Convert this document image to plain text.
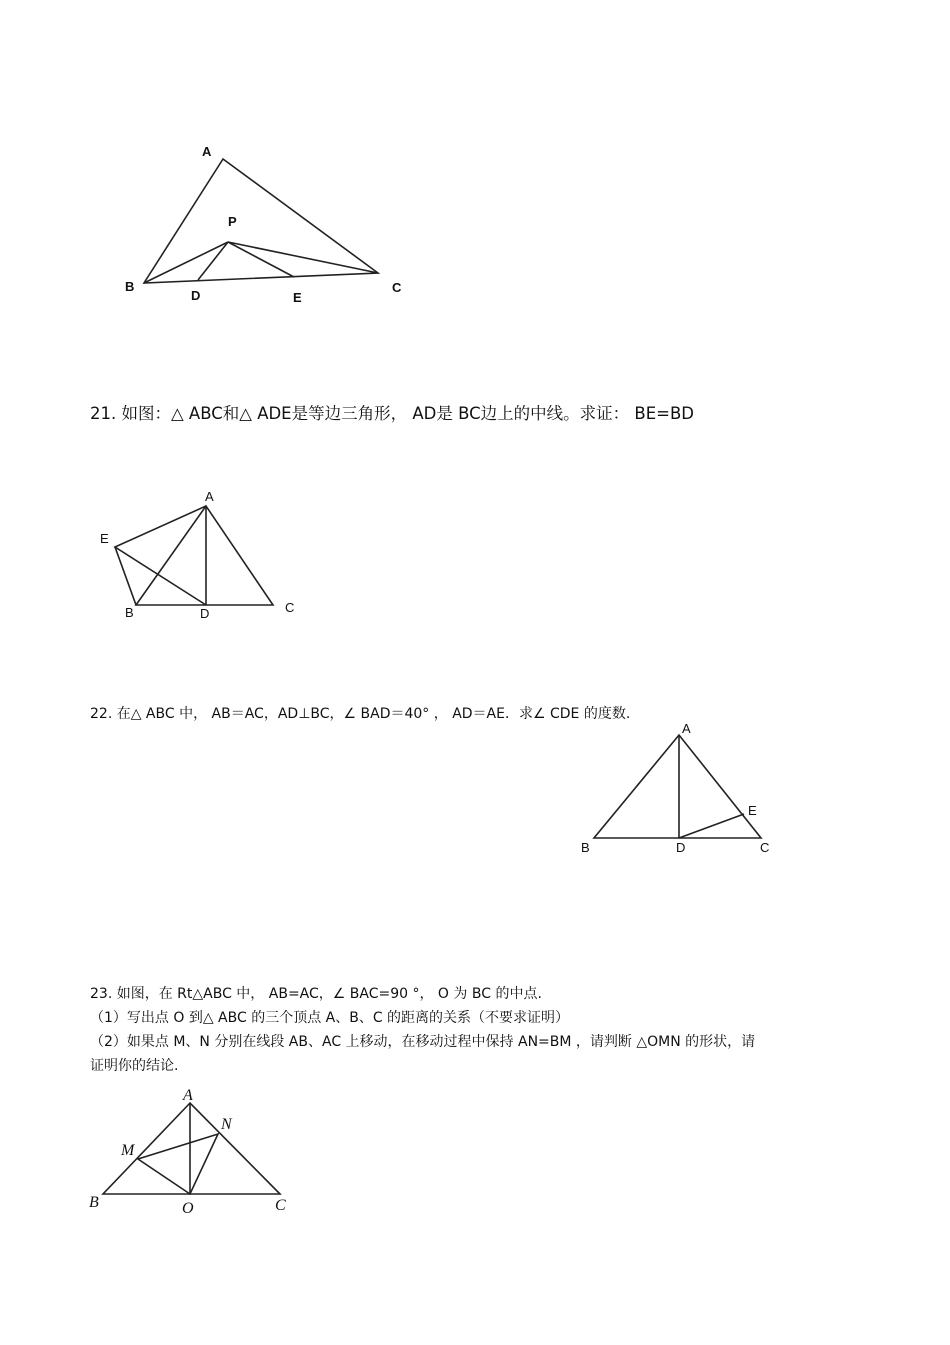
A
P
B
D	E
C
21. 如图：△ ABC和△ ADE是等边三角形， AD是 BC边上的中线。求证： BE=BD
A
E
B	D	C
22. 在△ ABC 中， AB＝AC，AD⊥BC，∠ BAD＝40° ， AD＝AE．求∠ CDE 的度数.
A
E
B	D	C
23. 如图，在 Rt△ABC 中， AB=AC，∠ BAC=90 °， O 为 BC 的中点.
（1）写出点 O 到△ ABC 的三个顶点 A、B、C 的距离的关系（不要求证明）
（2）如果点 M、N 分别在线段 AB、AC 上移动，在移动过程中保持 AN=BM ，请判断 △OMN 的形状，请
证明你的结论.
A
N
M
B	O	C
